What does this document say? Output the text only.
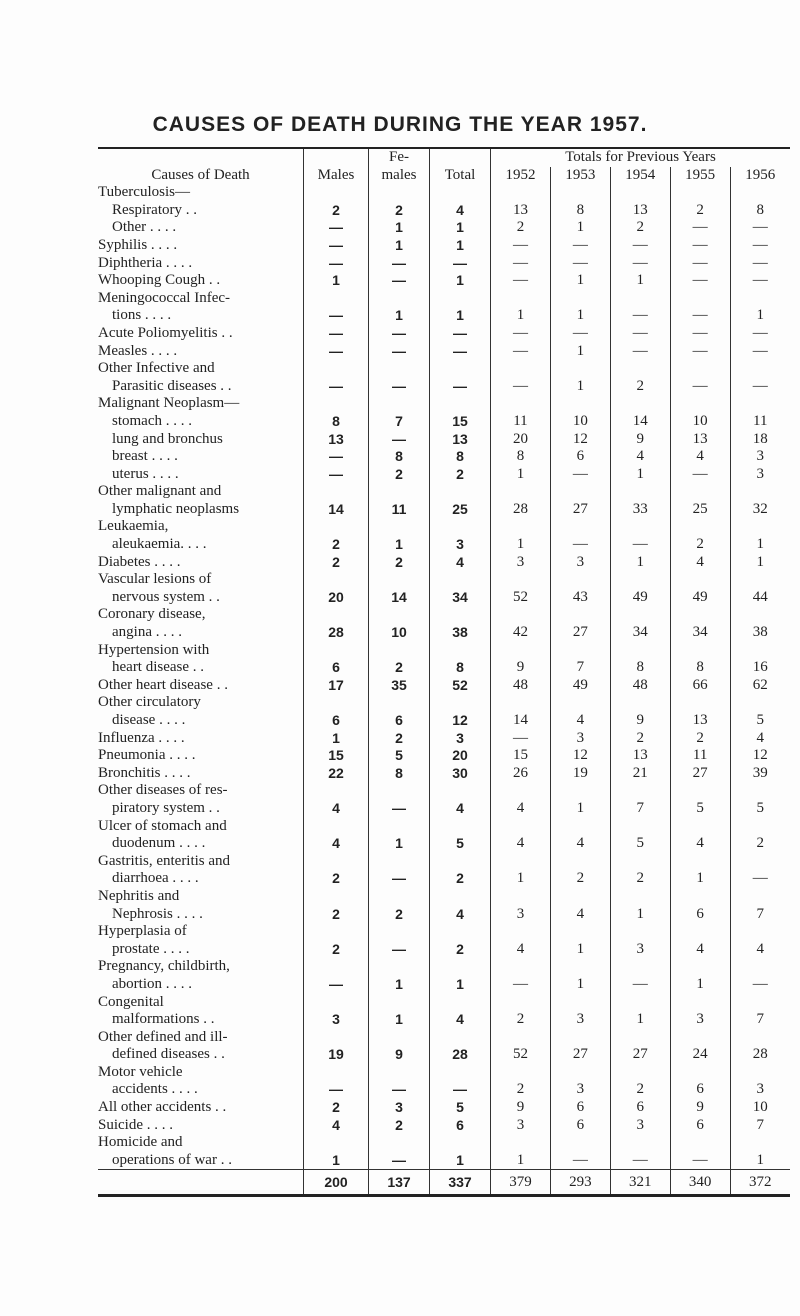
CAUSES OF DEATH DURING THE YEAR 1957.
		Fe-		Totals for Previous Years				
Causes of Death	Males	males	Total	1952	1953	1954	1955	1956
Tuberculosis—								
Respiratory . .	2	2	4	13	8	13	2	8
Other . . . .	—	1	1	2	1	2	—	—
Syphilis . . . .	—	1	1	—	—	—	—	—
Diphtheria . . . .	—	—	—	—	—	—	—	—
Whooping Cough . .	1	—	1	—	1	1	—	—
Meningococcal Infec-								
tions . . . .	—	1	1	1	1	—	—	1
Acute Poliomyelitis . .	—	—	—	—	—	—	—	—
Measles . . . .	—	—	—	—	1	—	—	—
Other Infective and								
Parasitic diseases . .	—	—	—	—	1	2	—	—
Malignant Neoplasm—								
stomach . . . .	8	7	15	11	10	14	10	11
lung and bronchus	13	—	13	20	12	9	13	18
breast . . . .	—	8	8	8	6	4	4	3
uterus . . . .	—	2	2	1	—	1	—	3
Other malignant and								
lymphatic neoplasms	14	11	25	28	27	33	25	32
Leukaemia,								
aleukaemia. . . .	2	1	3	1	—	—	2	1
Diabetes . . . .	2	2	4	3	3	1	4	1
Vascular lesions of								
nervous system . .	20	14	34	52	43	49	49	44
Coronary disease,								
angina . . . .	28	10	38	42	27	34	34	38
Hypertension with								
heart disease . .	6	2	8	9	7	8	8	16
Other heart disease . .	17	35	52	48	49	48	66	62
Other circulatory								
disease . . . .	6	6	12	14	4	9	13	5
Influenza . . . .	1	2	3	—	3	2	2	4
Pneumonia . . . .	15	5	20	15	12	13	11	12
Bronchitis . . . .	22	8	30	26	19	21	27	39
Other diseases of res-								
piratory system . .	4	—	4	4	1	7	5	5
Ulcer of stomach and								
duodenum . . . .	4	1	5	4	4	5	4	2
Gastritis, enteritis and								
diarrhoea . . . .	2	—	2	1	2	2	1	—
Nephritis and								
Nephrosis . . . .	2	2	4	3	4	1	6	7
Hyperplasia of								
prostate . . . .	2	—	2	4	1	3	4	4
Pregnancy, childbirth,								
abortion . . . .	—	1	1	—	1	—	1	—
Congenital								
malformations . .	3	1	4	2	3	1	3	7
Other defined and ill-								
defined diseases . .	19	9	28	52	27	27	24	28
Motor vehicle								
accidents . . . .	—	—	—	2	3	2	6	3
All other accidents . .	2	3	5	9	6	6	9	10
Suicide . . . .	4	2	6	3	6	3	6	7
Homicide and								
operations of war . .	1	—	1	1	—	—	—	1
	200	137	337	379	293	321	340	372
